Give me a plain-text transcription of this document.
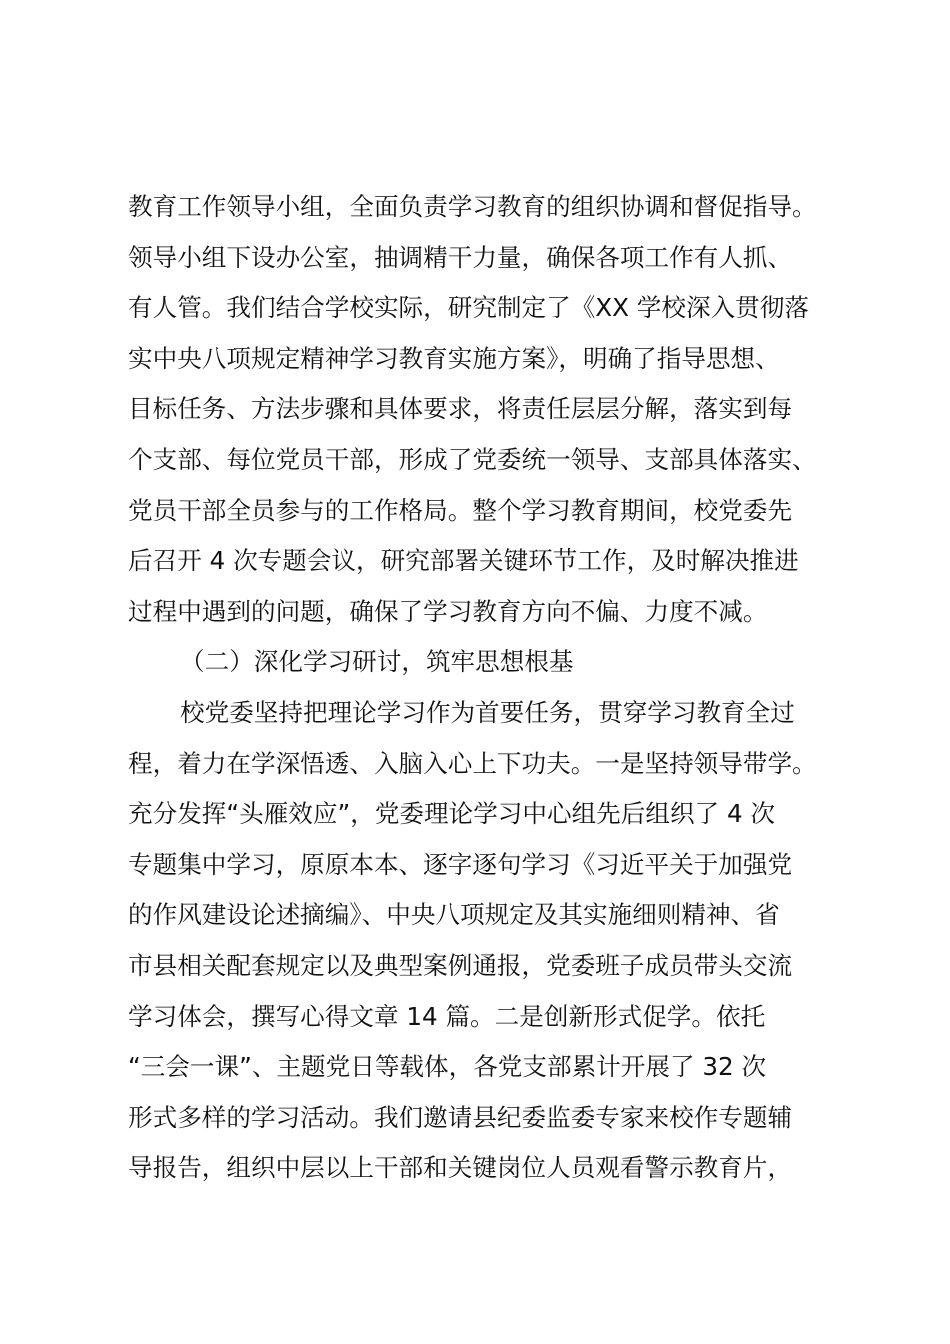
教育工作领导小组，全面负责学习教育的组织协调和督促指导。
领导小组下设办公室，抽调精干力量，确保各项工作有人抓、
有人管。我们结合学校实际，研究制定了《XX 学校深入贯彻落
实中央八项规定精神学习教育实施方案》，明确了指导思想、
目标任务、方法步骤和具体要求，将责任层层分解，落实到每
个支部、每位党员干部，形成了党委统一领导、支部具体落实、
党员干部全员参与的工作格局。整个学习教育期间，校党委先
后召开 4 次专题会议，研究部署关键环节工作，及时解决推进
过程中遇到的问题，确保了学习教育方向不偏、力度不减。
（二）深化学习研讨，筑牢思想根基
校党委坚持把理论学习作为首要任务，贯穿学习教育全过
程，着力在学深悟透、入脑入心上下功夫。一是坚持领导带学。
充分发挥“头雁效应”，党委理论学习中心组先后组织了 4 次
专题集中学习，原原本本、逐字逐句学习《习近平关于加强党
的作风建设论述摘编》、中央八项规定及其实施细则精神、省
市县相关配套规定以及典型案例通报，党委班子成员带头交流
学习体会，撰写心得文章 14 篇。二是创新形式促学。依托
“三会一课”、主题党日等载体，各党支部累计开展了 32 次
形式多样的学习活动。我们邀请县纪委监委专家来校作专题辅
导报告，组织中层以上干部和关键岗位人员观看警示教育片，
